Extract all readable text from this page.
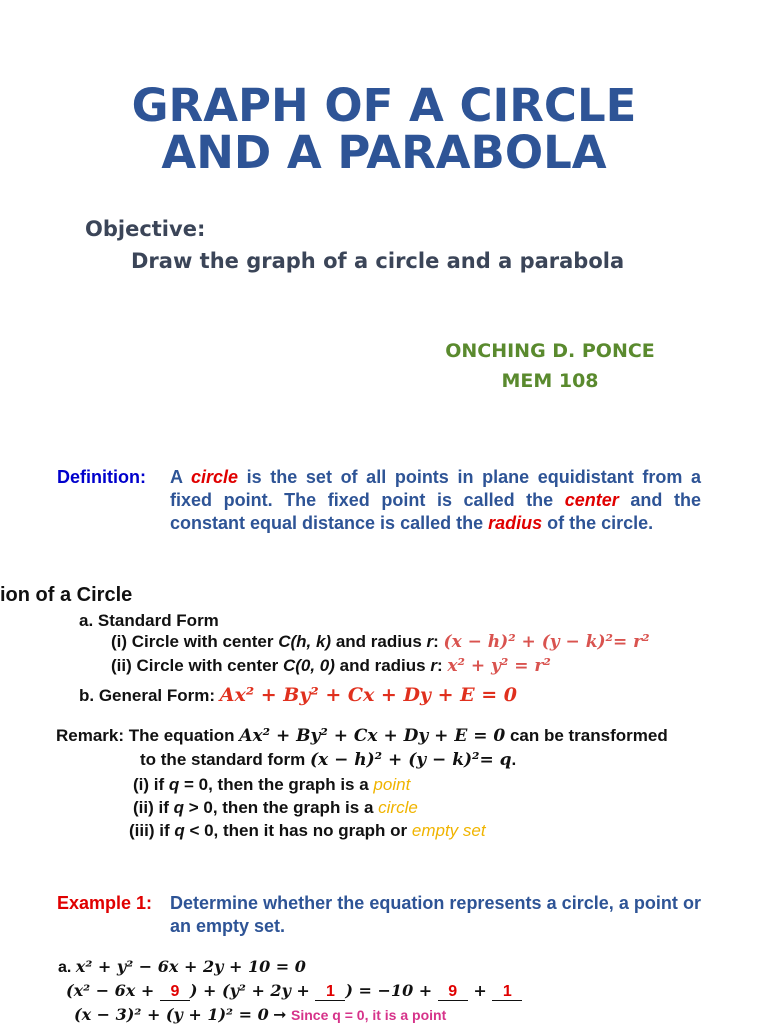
GRAPH OF A CIRCLE
AND A PARABOLA
Objective:
Draw the graph of a circle and a parabola
ONCHING D. PONCE
MEM 108
Definition: A circle is the set of all points in plane equidistant from a fixed point. The fixed point is called the center and the constant equal distance is called the radius of the circle.
ion of a Circle
a. Standard Form
(i) Circle with center C(h, k) and radius r: (x − h)² + (y − k)²= r²
(ii) Circle with center C(0, 0) and radius r: x² + y² = r²
b. General Form: Ax² + By² + Cx + Dy + E = 0
Remark: The equation Ax² + By² + Cx + Dy + E = 0 can be transformed
to the standard form (x − h)² + (y − k)²= q.
(i) if q = 0, then the graph is a point
(ii) if q > 0, then the graph is a circle
(iii) if q < 0, then it has no graph or empty set
Example 1: Determine whether the equation represents a circle, a point or an empty set.
a. x² + y² − 6x + 2y + 10 = 0
(x² − 6x + 9 ) + (y² + 2y + 1 ) = −10 + 9 + 1
(x − 3)² + (y + 1)² = 0 ➞ Since q = 0, it is a point
